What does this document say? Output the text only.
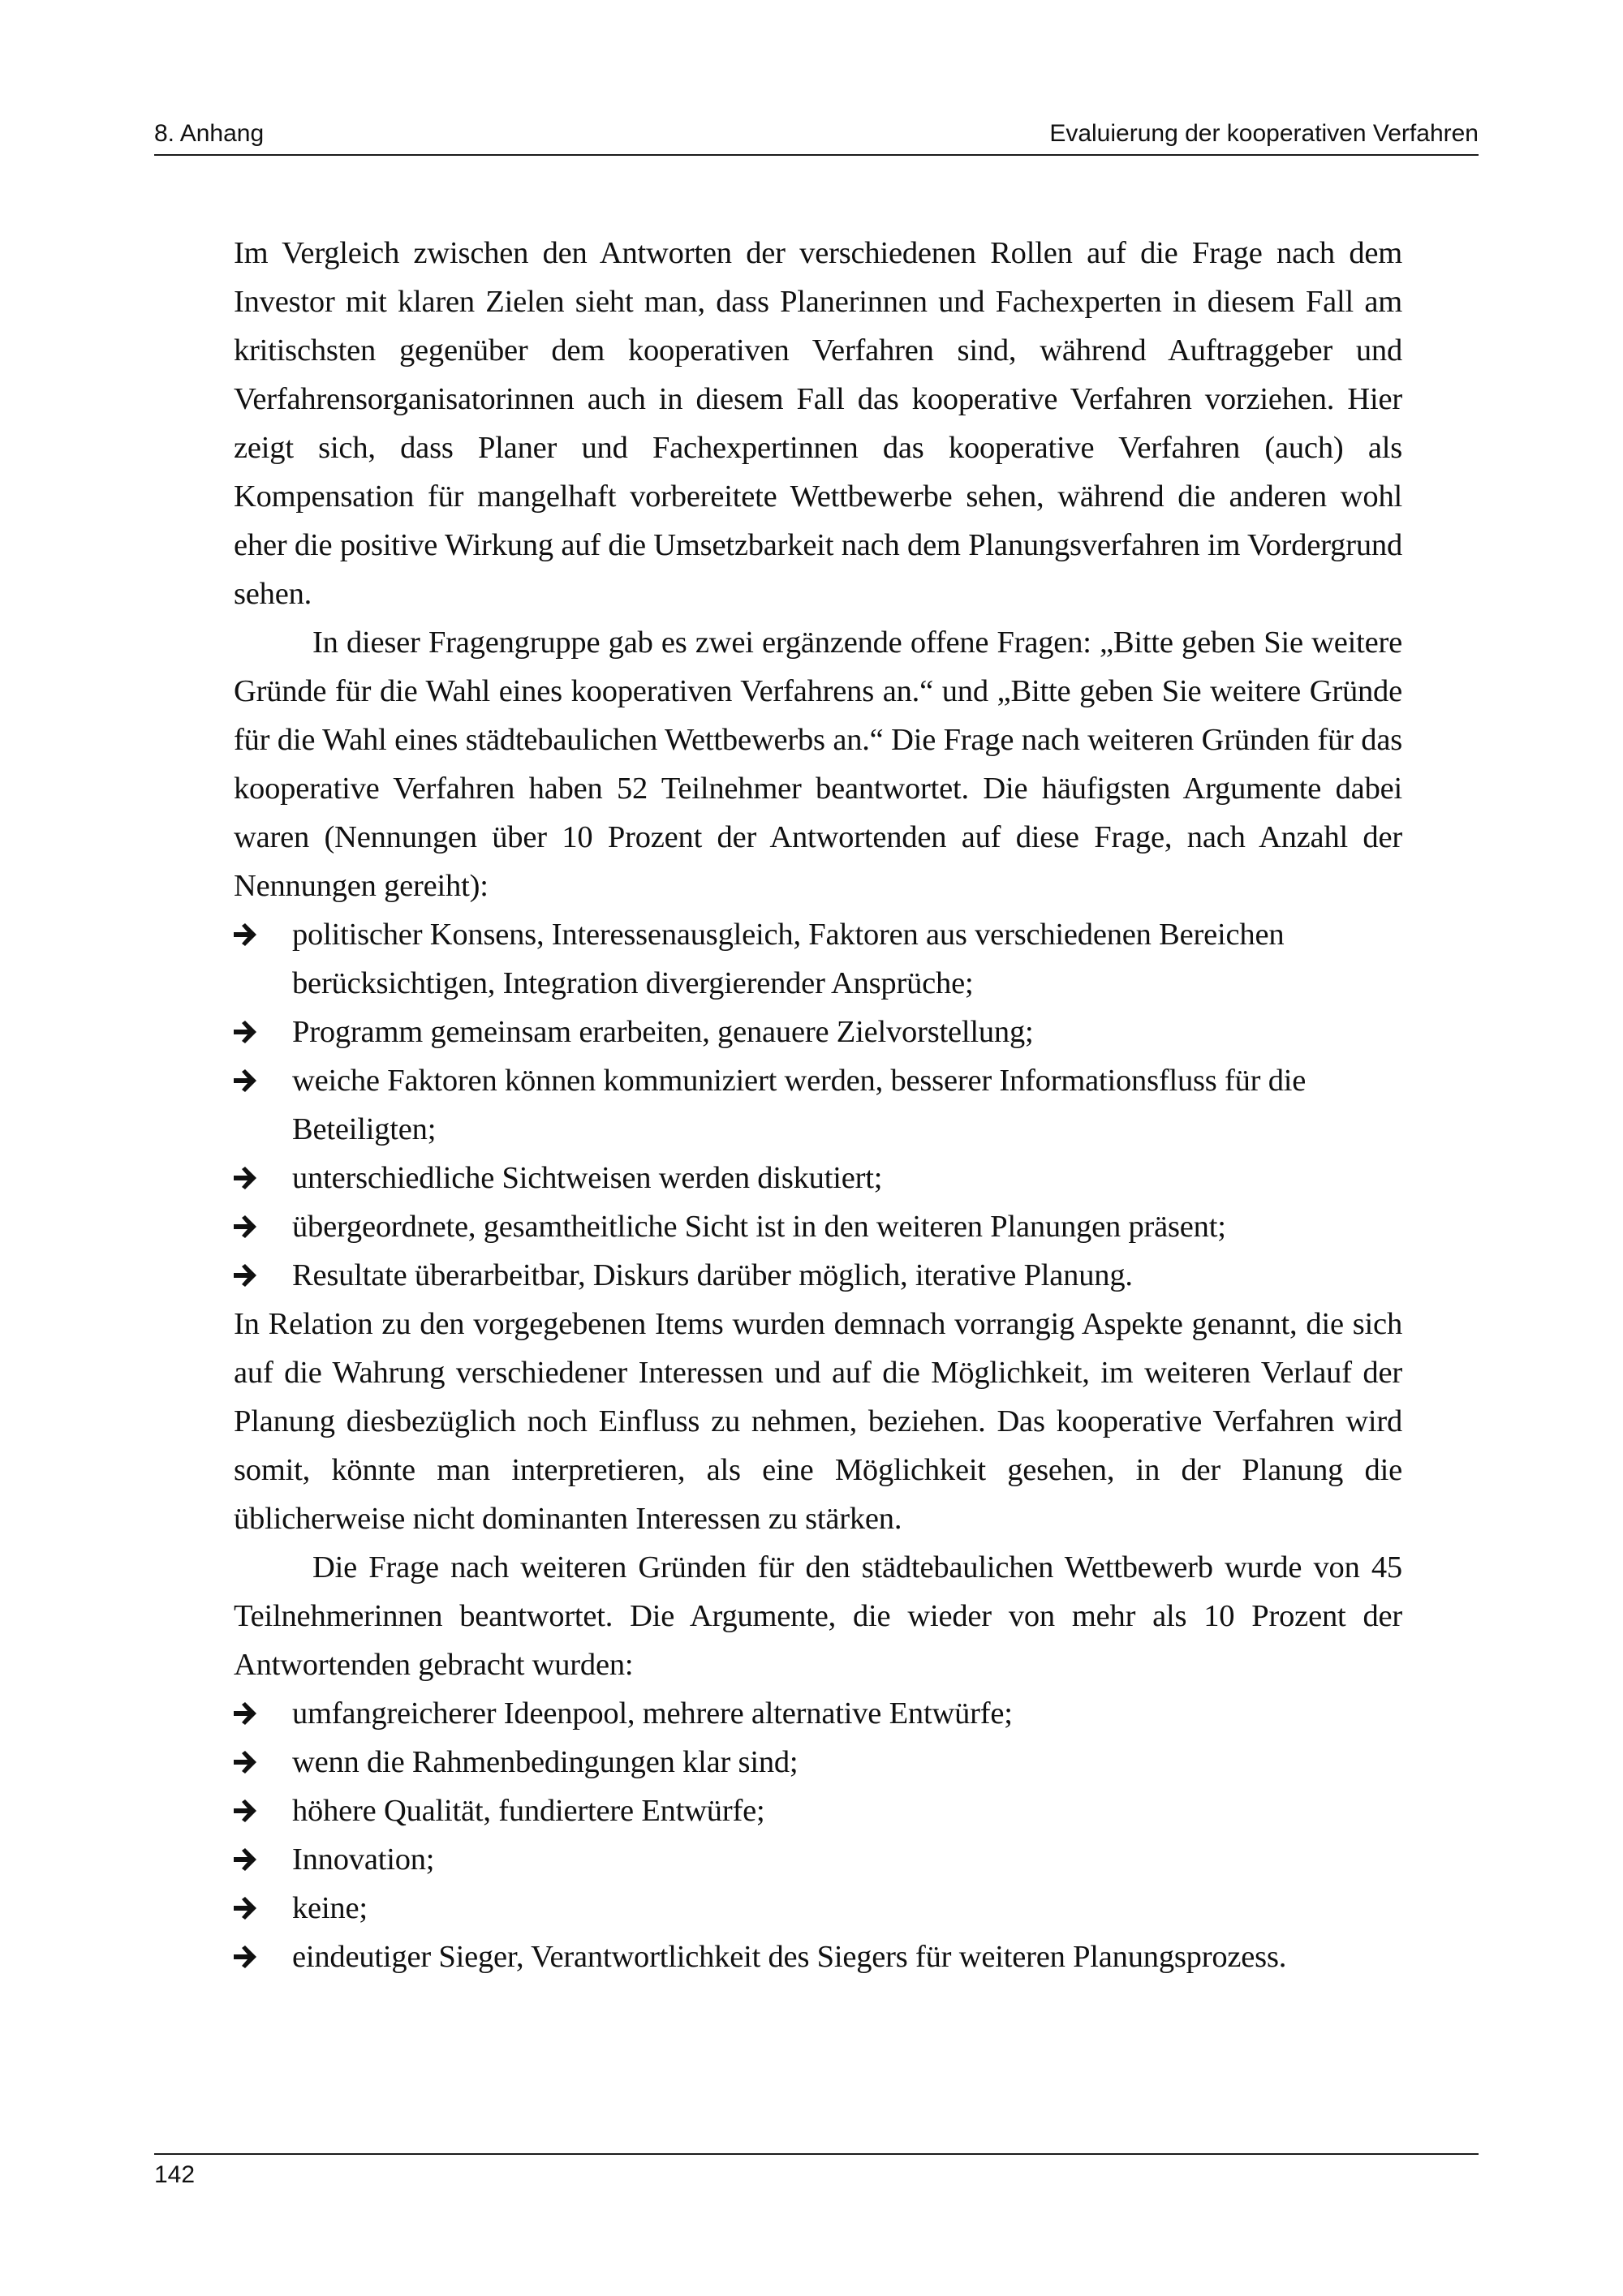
8. Anhang	Evaluierung der kooperativen Verfahren

Im Vergleich zwischen den Antworten der verschiedenen Rollen auf die Frage nach dem Investor mit klaren Zielen sieht man, dass Planerinnen und Fachexperten in diesem Fall am kritischsten gegenüber dem kooperativen Verfahren sind, während Auftraggeber und Verfahrensorganisatorinnen auch in diesem Fall das kooperative Verfahren vorziehen. Hier zeigt sich, dass Planer und Fachexpertinnen das kooperative Verfahren (auch) als Kompensation für mangelhaft vorbereitete Wettbewerbe sehen, während die anderen wohl eher die positive Wirkung auf die Umsetzbarkeit nach dem Planungsverfahren im Vordergrund sehen.

In dieser Fragengruppe gab es zwei ergänzende offene Fragen: „Bitte geben Sie weitere Gründe für die Wahl eines kooperativen Verfahrens an.“ und „Bitte geben Sie weitere Gründe für die Wahl eines städtebaulichen Wettbewerbs an.“ Die Frage nach weiteren Gründen für das kooperative Verfahren haben 52 Teilnehmer beantwortet. Die häufigsten Argumente dabei waren (Nennungen über 10 Prozent der Antwortenden auf diese Frage, nach Anzahl der Nennungen gereiht):

politischer Konsens, Interessenausgleich, Faktoren aus verschiedenen Bereichen berücksichtigen, Integration divergierender Ansprüche;
Programm gemeinsam erarbeiten, genauere Zielvorstellung;
weiche Faktoren können kommuniziert werden, besserer Informationsfluss für die Beteiligten;
unterschiedliche Sichtweisen werden diskutiert;
übergeordnete, gesamtheitliche Sicht ist in den weiteren Planungen präsent;
Resultate überarbeitbar, Diskurs darüber möglich, iterative Planung.

In Relation zu den vorgegebenen Items wurden demnach vorrangig Aspekte genannt, die sich auf die Wahrung verschiedener Interessen und auf die Möglichkeit, im weiteren Verlauf der Planung diesbezüglich noch Einfluss zu nehmen, beziehen. Das kooperative Verfahren wird somit, könnte man interpretieren, als eine Möglichkeit gesehen, in der Planung die üblicherweise nicht dominanten Interessen zu stärken.

Die Frage nach weiteren Gründen für den städtebaulichen Wettbewerb wurde von 45 Teilnehmerinnen beantwortet. Die Argumente, die wieder von mehr als 10 Prozent der Antwortenden gebracht wurden:

umfangreicherer Ideenpool, mehrere alternative Entwürfe;
wenn die Rahmenbedingungen klar sind;
höhere Qualität, fundiertere Entwürfe;
Innovation;
keine;
eindeutiger Sieger, Verantwortlichkeit des Siegers für weiteren Planungsprozess.
142
